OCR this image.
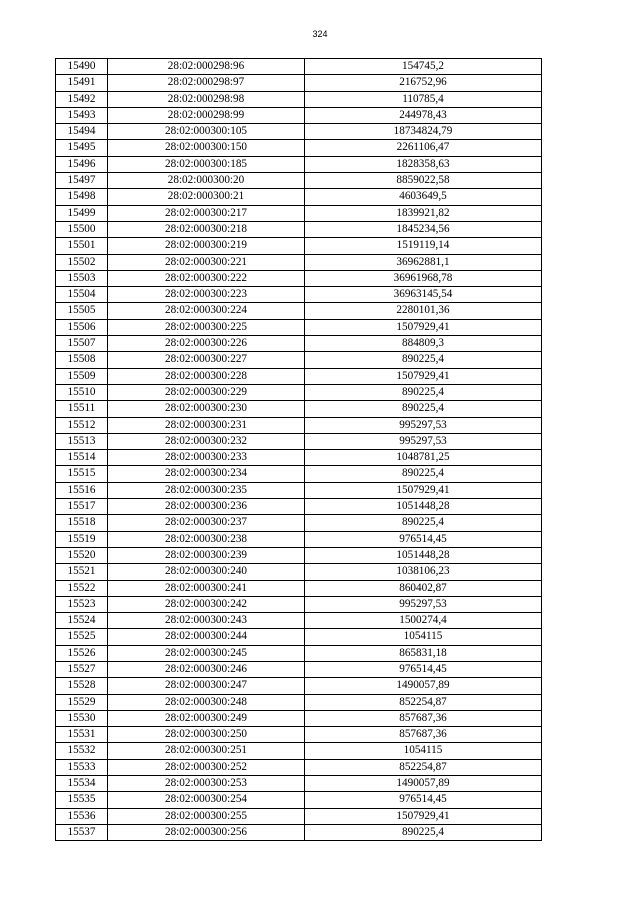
324
15490	28:02:000298:96	154745,2
15491	28:02:000298:97	216752,96
15492	28:02:000298:98	110785,4
15493	28:02:000298:99	244978,43
15494	28:02:000300:105	18734824,79
15495	28:02:000300:150	2261106,47
15496	28:02:000300:185	1828358,63
15497	28:02:000300:20	8859022,58
15498	28:02:000300:21	4603649,5
15499	28:02:000300:217	1839921,82
15500	28:02:000300:218	1845234,56
15501	28:02:000300:219	1519119,14
15502	28:02:000300:221	36962881,1
15503	28:02:000300:222	36961968,78
15504	28:02:000300:223	36963145,54
15505	28:02:000300:224	2280101,36
15506	28:02:000300:225	1507929,41
15507	28:02:000300:226	884809,3
15508	28:02:000300:227	890225,4
15509	28:02:000300:228	1507929,41
15510	28:02:000300:229	890225,4
15511	28:02:000300:230	890225,4
15512	28:02:000300:231	995297,53
15513	28:02:000300:232	995297,53
15514	28:02:000300:233	1048781,25
15515	28:02:000300:234	890225,4
15516	28:02:000300:235	1507929,41
15517	28:02:000300:236	1051448,28
15518	28:02:000300:237	890225,4
15519	28:02:000300:238	976514,45
15520	28:02:000300:239	1051448,28
15521	28:02:000300:240	1038106,23
15522	28:02:000300:241	860402,87
15523	28:02:000300:242	995297,53
15524	28:02:000300:243	1500274,4
15525	28:02:000300:244	1054115
15526	28:02:000300:245	865831,18
15527	28:02:000300:246	976514,45
15528	28:02:000300:247	1490057,89
15529	28:02:000300:248	852254,87
15530	28:02:000300:249	857687,36
15531	28:02:000300:250	857687,36
15532	28:02:000300:251	1054115
15533	28:02:000300:252	852254,87
15534	28:02:000300:253	1490057,89
15535	28:02:000300:254	976514,45
15536	28:02:000300:255	1507929,41
15537	28:02:000300:256	890225,4
